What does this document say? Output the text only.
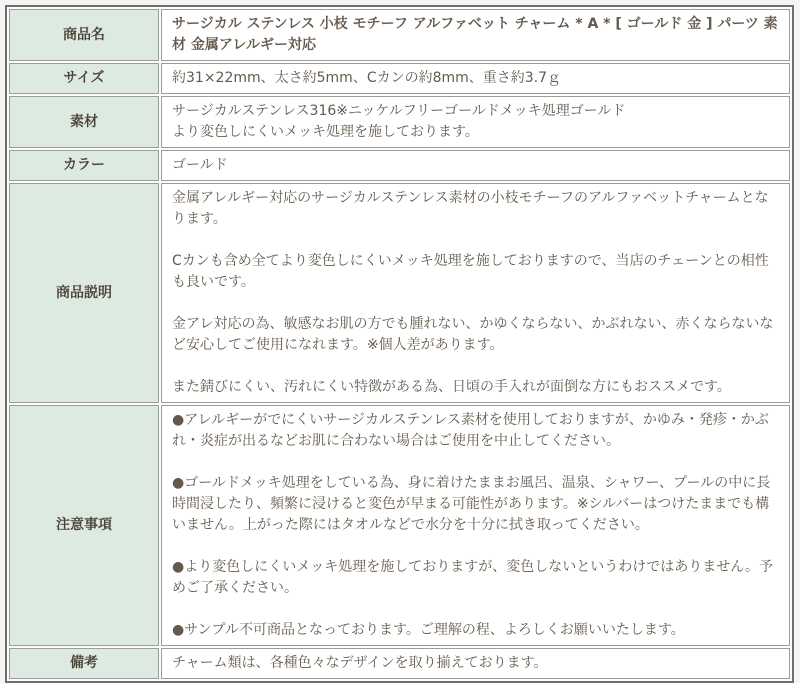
商品名	サージカル ステンレス 小枝 モチーフ アルファベット チャーム * A * [ ゴールド 金 ] パーツ 素材 金属アレルギー対応

サイズ	約31×22mm、太さ約5mm、Cカンの約8mm、重さ約3.7ｇ

素材	サージカルステンレス316※ニッケルフリーゴールドメッキ処理ゴールド

より変色しにくいメッキ処理を施しております。

カラー	ゴールド

商品説明	金属アレルギー対応のサージカルステンレス素材の小枝モチーフのアルファベットチャームとなります。

Cカンも含め全てより変色しにくいメッキ処理を施しておりますので、当店のチェーンとの相性も良いです。

金アレ対応の為、敏感なお肌の方でも腫れない、かゆくならない、かぶれない、赤くならないなど安心してご使用になれます。※個人差があります。

また錆びにくい、汚れにくい特徴がある為、日頃の手入れが面倒な方にもおススメです。

注意事項	●アレルギーがでにくいサージカルステンレス素材を使用しておりますが、かゆみ・発疹・かぶれ・炎症が出るなどお肌に合わない場合はご使用を中止してください。

●ゴールドメッキ処理をしている為、身に着けたままお風呂、温泉、シャワー、プールの中に長時間浸したり、頻繁に浸けると変色が早まる可能性があります。※シルバーはつけたままでも構いません。上がった際にはタオルなどで水分を十分に拭き取ってください。

●より変色しにくいメッキ処理を施しておりますが、変色しないというわけではありません。予めご了承ください。

●サンプル不可商品となっております。ご理解の程、よろしくお願いいたします。

備考	チャーム類は、各種色々なデザインを取り揃えております。
